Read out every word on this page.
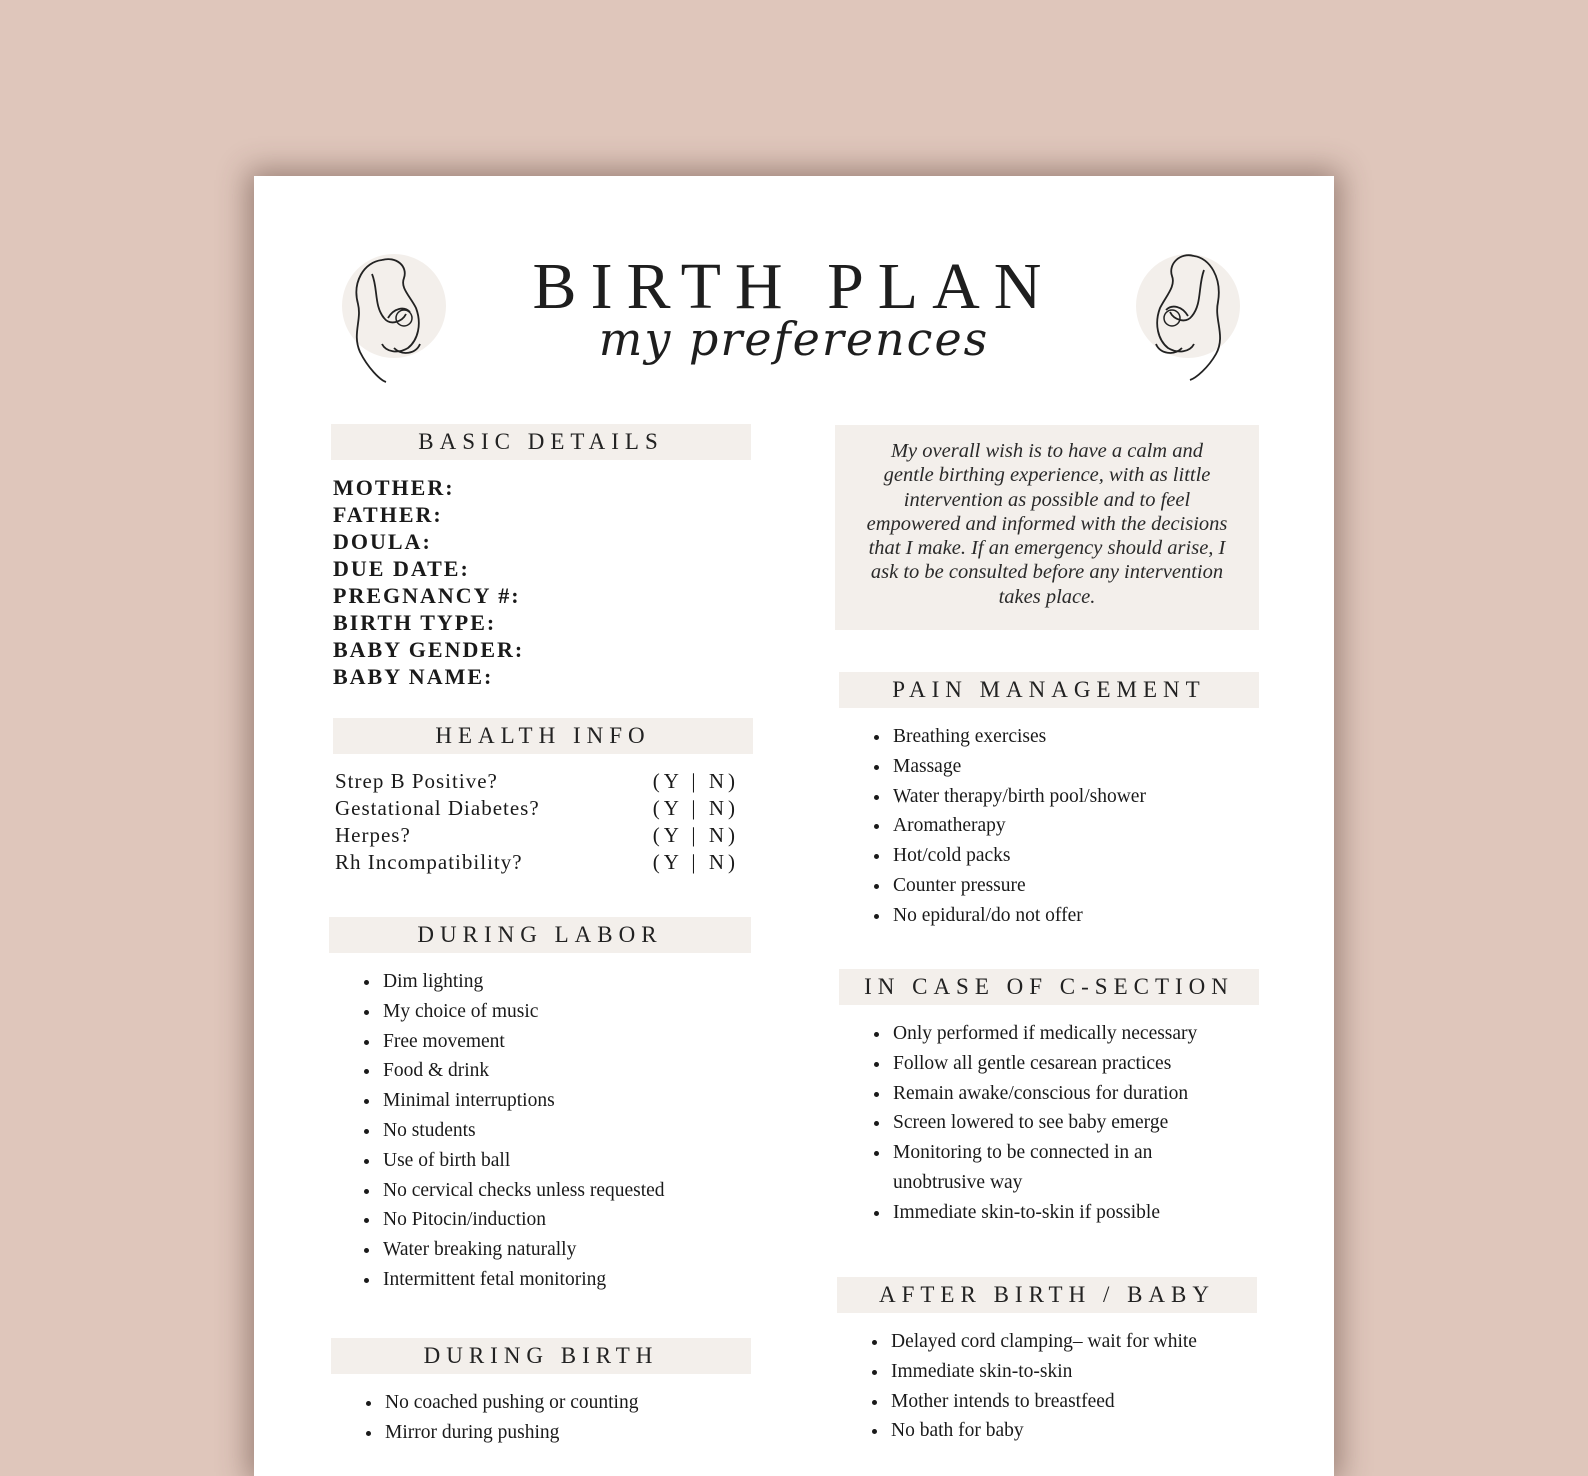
BIRTH PLAN
my preferences
BASIC DETAILS
MOTHER:
FATHER:
DOULA:
DUE DATE:
PREGNANCY #:
BIRTH TYPE:
BABY GENDER:
BABY NAME:
HEALTH INFO
Strep B Positive?	(Y | N)
Gestational Diabetes?	(Y | N)
Herpes?	(Y | N)
Rh Incompatibility?	(Y | N)
DURING LABOR
• Dim lighting
• My choice of music
• Free movement
• Food & drink
• Minimal interruptions
• No students
• Use of birth ball
• No cervical checks unless requested
• No Pitocin/induction
• Water breaking naturally
• Intermittent fetal monitoring
DURING BIRTH
• No coached pushing or counting
• Mirror during pushing
My overall wish is to have a calm and gentle birthing experience, with as little intervention as possible and to feel empowered and informed with the decisions that I make. If an emergency should arise, I ask to be consulted before any intervention takes place.
PAIN MANAGEMENT
• Breathing exercises
• Massage
• Water therapy/birth pool/shower
• Aromatherapy
• Hot/cold packs
• Counter pressure
• No epidural/do not offer
IN CASE OF C-SECTION
• Only performed if medically necessary
• Follow all gentle cesarean practices
• Remain awake/conscious for duration
• Screen lowered to see baby emerge
• Monitoring to be connected in an unobtrusive way
• Immediate skin-to-skin if possible
AFTER BIRTH / BABY
• Delayed cord clamping– wait for white
• Immediate skin-to-skin
• Mother intends to breastfeed
• No bath for baby
